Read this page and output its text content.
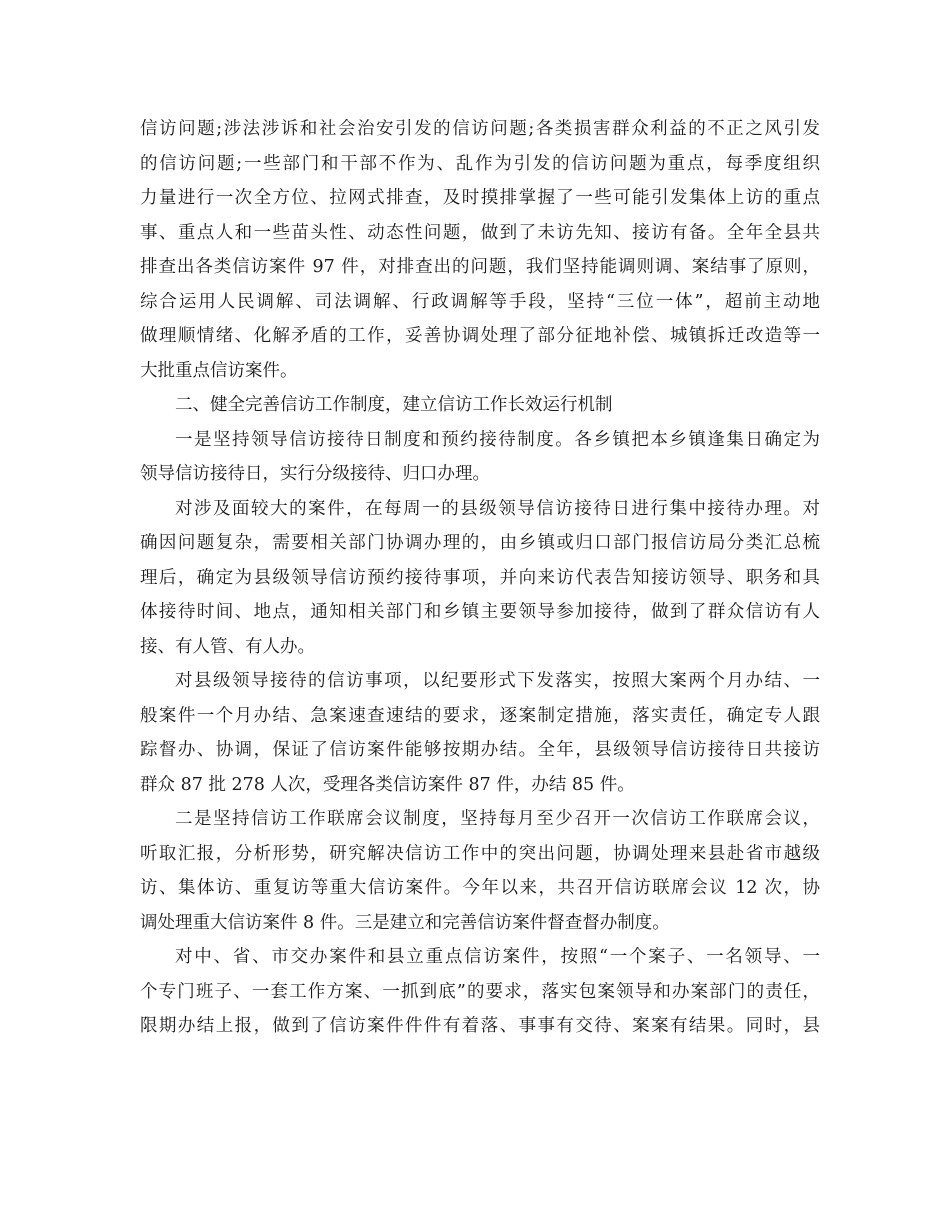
信访问题;涉法涉诉和社会治安引发的信访问题;各类损害群众利益的不正之风引发
的信访问题;一些部门和干部不作为、乱作为引发的信访问题为重点，每季度组织
力量进行一次全方位、拉网式排查，及时摸排掌握了一些可能引发集体上访的重点
事、重点人和一些苗头性、动态性问题，做到了未访先知、接访有备。全年全县共
排查出各类信访案件 97 件，对排查出的问题，我们坚持能调则调、案结事了原则，
综合运用人民调解、司法调解、行政调解等手段，坚持“三位一体”，超前主动地
做理顺情绪、化解矛盾的工作，妥善协调处理了部分征地补偿、城镇拆迁改造等一
大批重点信访案件。
二、健全完善信访工作制度，建立信访工作长效运行机制
一是坚持领导信访接待日制度和预约接待制度。各乡镇把本乡镇逢集日确定为
领导信访接待日，实行分级接待、归口办理。
对涉及面较大的案件，在每周一的县级领导信访接待日进行集中接待办理。对
确因问题复杂，需要相关部门协调办理的，由乡镇或归口部门报信访局分类汇总梳
理后，确定为县级领导信访预约接待事项，并向来访代表告知接访领导、职务和具
体接待时间、地点，通知相关部门和乡镇主要领导参加接待，做到了群众信访有人
接、有人管、有人办。
对县级领导接待的信访事项，以纪要形式下发落实，按照大案两个月办结、一
般案件一个月办结、急案速查速结的要求，逐案制定措施，落实责任，确定专人跟
踪督办、协调，保证了信访案件能够按期办结。全年，县级领导信访接待日共接访
群众 87 批 278 人次，受理各类信访案件 87 件，办结 85 件。
二是坚持信访工作联席会议制度，坚持每月至少召开一次信访工作联席会议，
听取汇报，分析形势，研究解决信访工作中的突出问题，协调处理来县赴省市越级
访、集体访、重复访等重大信访案件。今年以来，共召开信访联席会议 12 次，协
调处理重大信访案件 8 件。三是建立和完善信访案件督查督办制度。
对中、省、市交办案件和县立重点信访案件，按照“一个案子、一名领导、一
个专门班子、一套工作方案、一抓到底”的要求，落实包案领导和办案部门的责任，
限期办结上报，做到了信访案件件件有着落、事事有交待、案案有结果。同时，县
